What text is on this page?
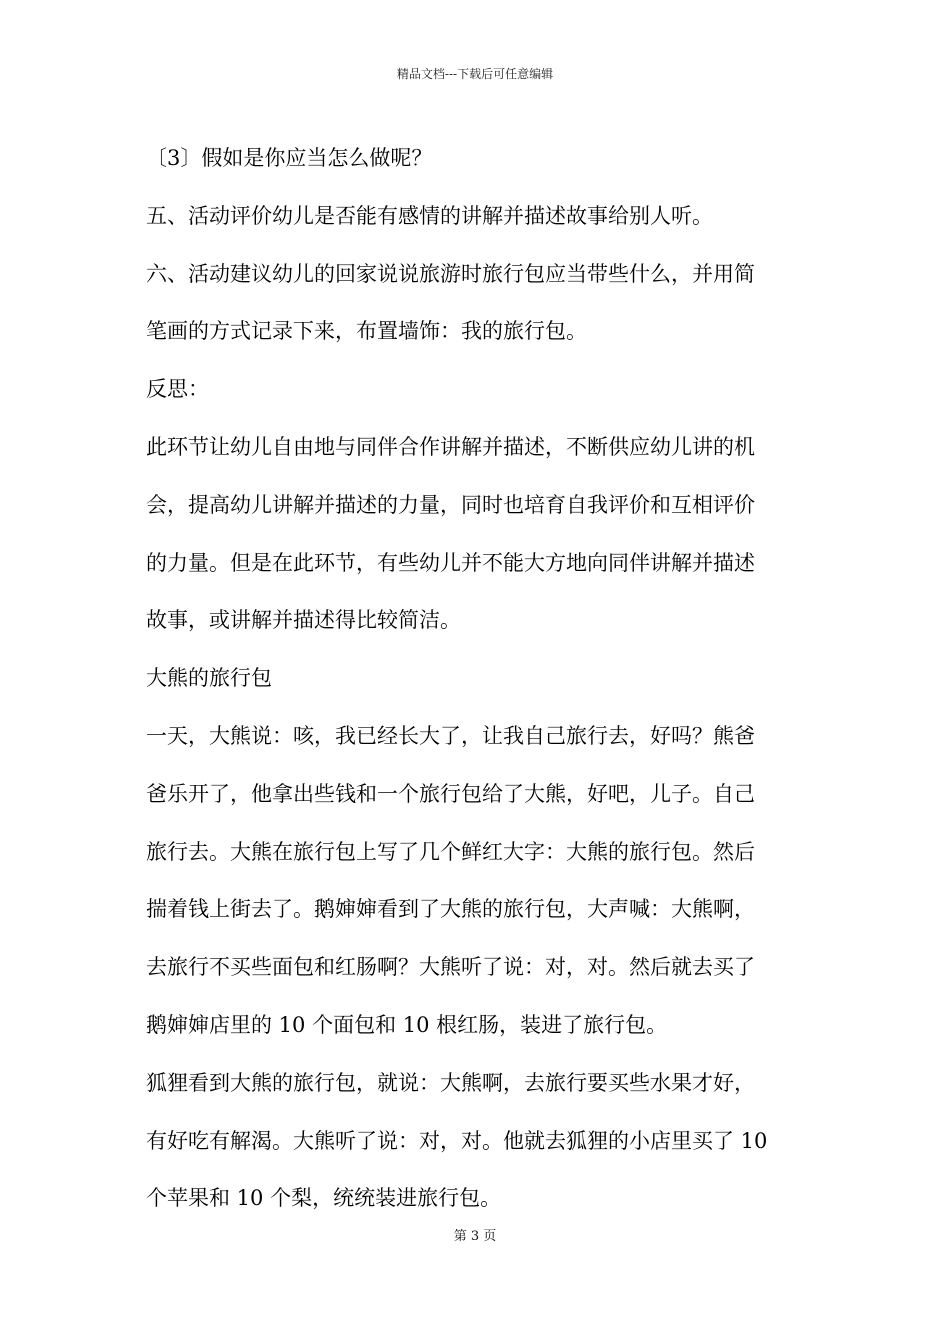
精品文档---下载后可任意编辑
〔3〕假如是你应当怎么做呢？
五、活动评价幼儿是否能有感情的讲解并描述故事给别人听。
六、活动建议幼儿的回家说说旅游时旅行包应当带些什么，并用简
笔画的方式记录下来，布置墙饰：我的旅行包。
反思：
此环节让幼儿自由地与同伴合作讲解并描述，不断供应幼儿讲的机
会，提高幼儿讲解并描述的力量，同时也培育自我评价和互相评价
的力量。但是在此环节，有些幼儿并不能大方地向同伴讲解并描述
故事，或讲解并描述得比较简洁。
大熊的旅行包
一天，大熊说：咳，我已经长大了，让我自己旅行去，好吗？熊爸
爸乐开了，他拿出些钱和一个旅行包给了大熊，好吧，儿子。自己
旅行去。大熊在旅行包上写了几个鲜红大字：大熊的旅行包。然后
揣着钱上街去了。鹅婶婶看到了大熊的旅行包，大声喊：大熊啊，
去旅行不买些面包和红肠啊？大熊听了说：对，对。然后就去买了
鹅婶婶店里的 10 个面包和 10 根红肠，装进了旅行包。
狐狸看到大熊的旅行包，就说：大熊啊，去旅行要买些水果才好，
有好吃有解渴。大熊听了说：对，对。他就去狐狸的小店里买了 10
个苹果和 10 个梨，统统装进旅行包。
第 3 页
